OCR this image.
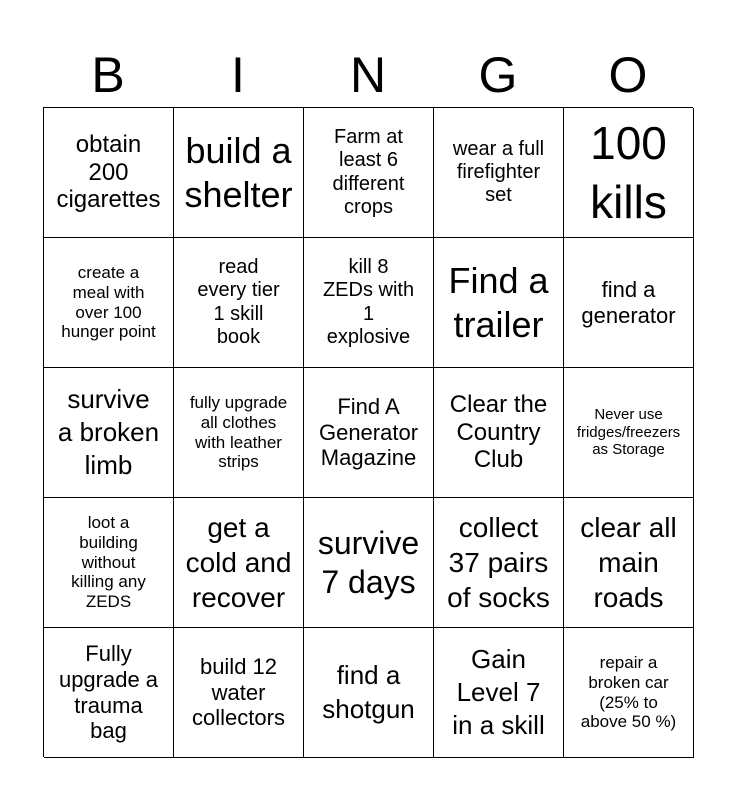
B	I	N	G	O
obtain
200
cigarettes
build a
shelter
Farm at
least 6
different
crops
wear a full
firefighter
set
100
kills
create a
meal with
over 100
hunger point
read
every tier
1 skill
book
kill 8
ZEDs with
1
explosive
Find a
trailer
find a
generator
survive
a broken
limb
fully upgrade
all clothes
with leather
strips
Find A
Generator
Magazine
Clear the
Country
Club
Never use
fridges/freezers
as Storage
loot a
building
without
killing any
ZEDS
get a
cold and
recover
survive
7 days
collect
37 pairs
of socks
clear all
main
roads
Fully
upgrade a
trauma
bag
build 12
water
collectors
find a
shotgun
Gain
Level 7
in a skill
repair a
broken car
(25% to
above 50 %)
